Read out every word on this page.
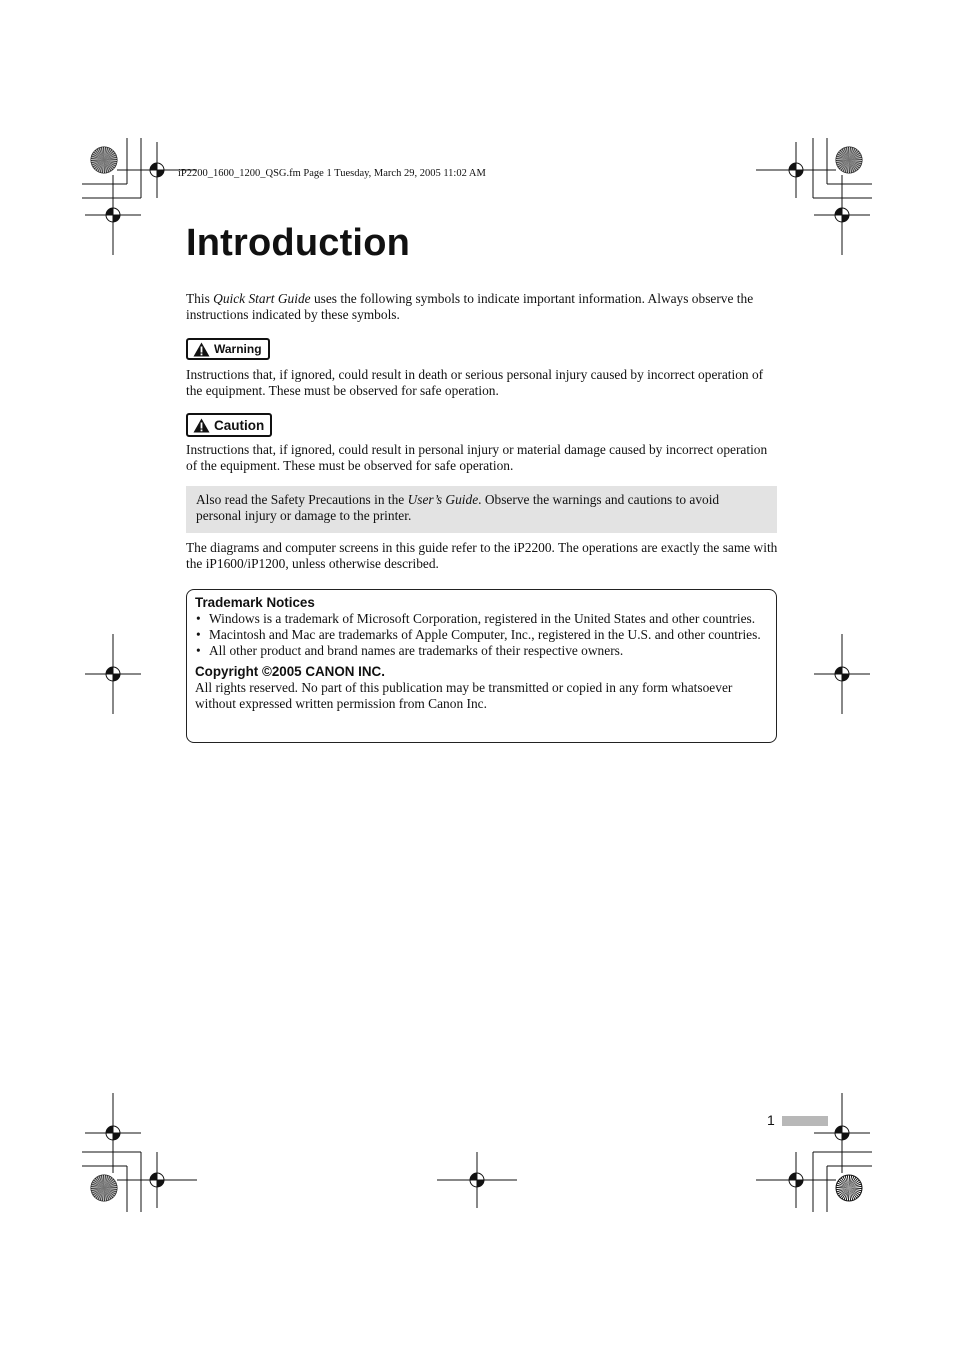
iP2200_1600_1200_QSG.fm Page 1 Tuesday, March 29, 2005 11:02 AM
Introduction

This Quick Start Guide uses the following symbols to indicate important information. Always observe the instructions indicated by these symbols.

Warning

Instructions that, if ignored, could result in death or serious personal injury caused by incorrect operation of the equipment. These must be observed for safe operation.

Caution

Instructions that, if ignored, could result in personal injury or material damage caused by incorrect operation of the equipment. These must be observed for safe operation.

Also read the Safety Precautions in the User’s Guide. Observe the warnings and cautions to avoid personal injury or damage to the printer.

The diagrams and computer screens in this guide refer to the iP2200. The operations are exactly the same with the iP1600/iP1200, unless otherwise described.

Trademark Notices

• Windows is a trademark of Microsoft Corporation, registered in the United States and other countries.
• Macintosh and Mac are trademarks of Apple Computer, Inc., registered in the U.S. and other countries.
• All other product and brand names are trademarks of their respective owners.

Copyright ©2005 CANON INC.

All rights reserved. No part of this publication may be transmitted or copied in any form whatsoever without expressed written permission from Canon Inc.

1
